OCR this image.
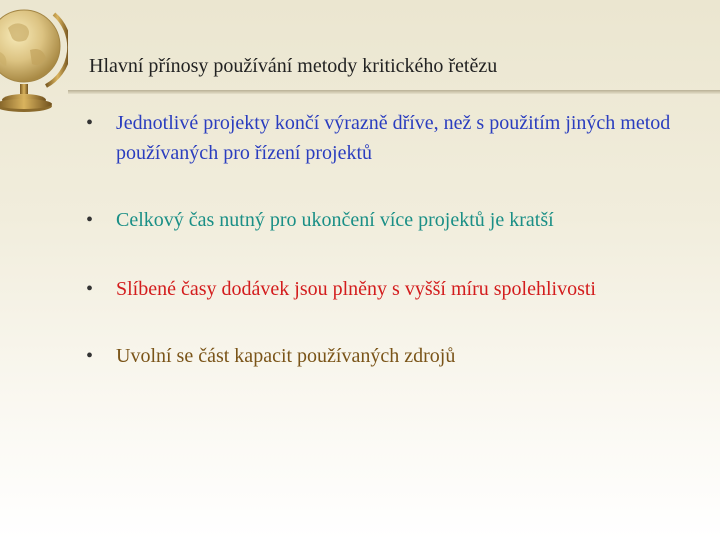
Hlavní přínosy používání metody kritického řetězu
• Jednotlivé projekty končí výrazně dříve, než s použitím jiných metod používaných pro řízení projektů
• Celkový čas nutný pro ukončení více projektů je kratší
• Slíbené časy dodávek jsou plněny s vyšší míru spolehlivosti
• Uvolní se část kapacit používaných zdrojů
